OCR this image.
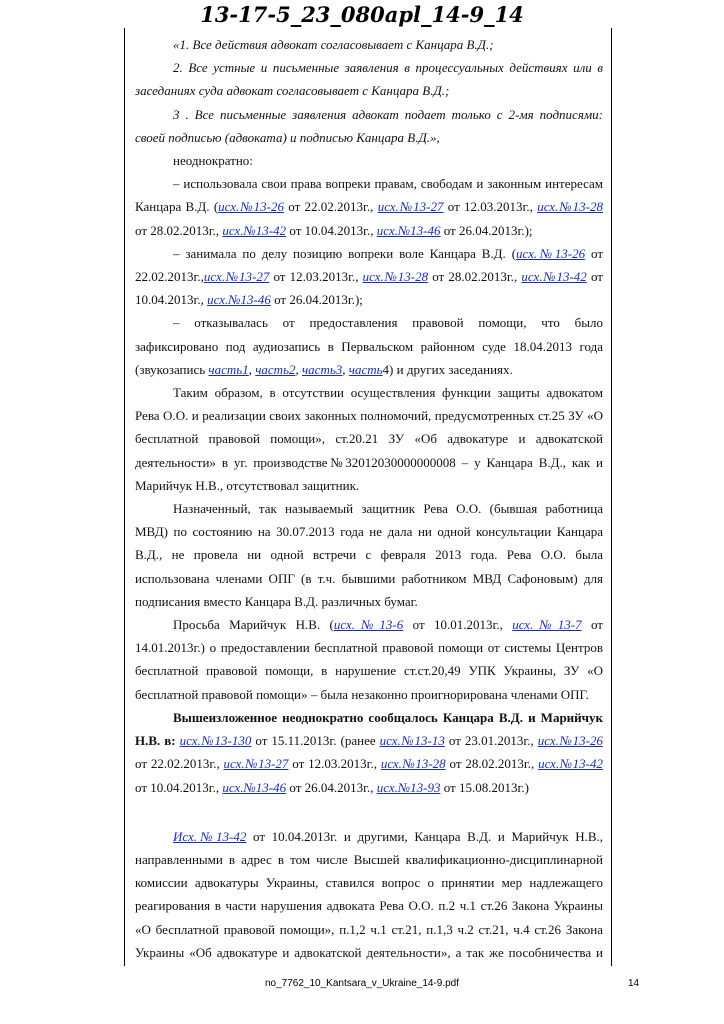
13-17-5_23_080apl_14-9_14

«1. Все действия адвокат согласовывает с Канцара В.Д.;

2. Все устные и письменные заявления в процессуальных действиях или в заседаниях суда адвокат согласовывает с Канцара В.Д.;

3 . Все письменные заявления адвокат подает только с 2-мя подписями: своей подписью (адвоката) и подписью Канцара В.Д.»,

неоднократно:

– использовала свои права вопреки правам, свободам и законным интересам Канцара В.Д. (исх.№13-26 от 22.02.2013г., исх.№13-27 от 12.03.2013г., исх.№13-28 от 28.02.2013г., исх.№13-42 от 10.04.2013г., исх.№13-46 от 26.04.2013г.);

– занимала по делу позицию вопреки воле Канцара В.Д. (исх.№13-26 от 22.02.2013г.,исх.№13-27 от 12.03.2013г., исх.№13-28 от 28.02.2013г., исх.№13-42 от 10.04.2013г., исх.№13-46 от 26.04.2013г.);

– отказывалась от предоставления правовой помощи, что было зафиксировано под аудиозапись в Первальском районном суде 18.04.2013 года (звукозапись часть1, часть2, часть3, часть4) и других заседаниях.

Таким образом, в отсутствии осуществления функции защиты адвокатом Рева О.О. и реализации своих законных полномочий, предусмотренных ст.25 ЗУ «О бесплатной правовой помощи», ст.20.21 ЗУ «Об адвокатуре и адвокатской деятельности» в уг. производстве№32012030000000008 – у Канцара В.Д., как и Марийчук Н.В., отсутствовал защитник.

Назначенный, так называемый защитник Рева О.О. (бывшая работница МВД) по состоянию на 30.07.2013 года не дала ни одной консультации Канцара В.Д., не провела ни одной встречи с февраля 2013 года. Рева О.О. была использована членами ОПГ (в т.ч. бывшими работником МВД Сафоновым) для подписания вместо Канцара В.Д. различных бумаг.

Просьба Марийчук Н.В. (исх.№13-6 от 10.01.2013г., исх.№13-7 от 14.01.2013г.) о предоставлении бесплатной правовой помощи от системы Центров бесплатной правовой помощи, в нарушение ст.ст.20,49 УПК Украины, ЗУ «О бесплатной правовой помощи» – была незаконно проигнорирована членами ОПГ.

Вышеизложенное неоднократно сообщалось Канцара В.Д. и Марийчук Н.В. в: исх.№13-130 от 15.11.2013г. (ранее исх.№13-13 от 23.01.2013г., исх.№13-26 от 22.02.2013г., исх.№13-27 от 12.03.2013г., исх.№13-28 от 28.02.2013г., исх.№13-42 от 10.04.2013г., исх.№13-46 от 26.04.2013г., исх.№13-93 от 15.08.2013г.)

Исх.№13-42 от 10.04.2013г. и другими, Канцара В.Д. и Марийчук Н.В., направленными в адрес в том числе Высшей квалификационно-дисциплинарной комиссии адвокатуры Украины, ставился вопрос о принятии мер надлежащего реагирования в части нарушения адвоката Рева О.О. п.2 ч.1 ст.26 Закона Украины «О бесплатной правовой помощи», п.1,2 ч.1 ст.21, п.1,3 ч.2 ст.21, ч.4 ст.26 Закона Украины «Об адвокатуре и адвокатской деятельности», а так же пособничества и

no_7762_10_Kantsara_v_Ukraine_14-9.pdf	14
